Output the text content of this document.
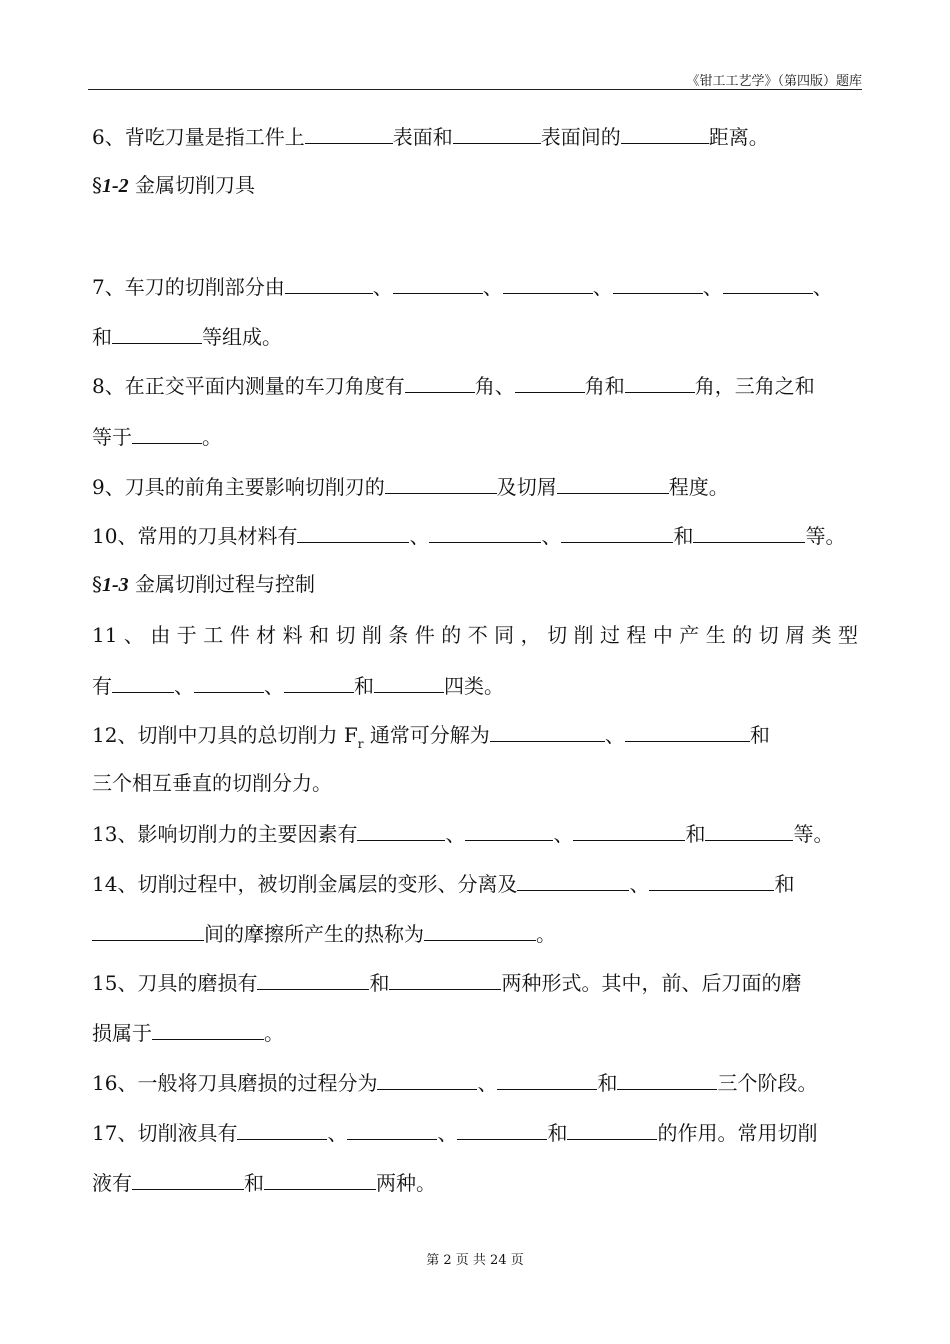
《钳工工艺学》（第四版）题库
6、背吃刀量是指工件上	表面和	表面间的	距离。
§1-2 金属切削刀具
7、车刀的切削部分由	、	、	、	、	、
和	等组成。
8、在正交平面内测量的车刀角度有	角、	角和	角，三角之和
等于	。
9、刀具的前角主要影响切削刃的	及切屑	程度。
10、常用的刀具材料有	、	、	和	等。
§1-3 金属切削过程与控制
11、由于工件材料和切削条件的不同，切削过程中产生的切屑类型
有	、	、	和	四类。
12、切削中刀具的总切削力 $F_r$ 通常可分解为	、	和
三个相互垂直的切削分力。
13、影响切削力的主要因素有	、	、	和	等。
14、切削过程中，被切削金属层的变形、分离及	、	和
间的摩擦所产生的热称为	。
15、刀具的磨损有	和	两种形式。其中，前、后刀面的磨
损属于	。
16、一般将刀具磨损的过程分为	、	和	三个阶段。
17、切削液具有	、	、	和	的作用。常用切削
液有	和	两种。
第 2 页 共 24 页
